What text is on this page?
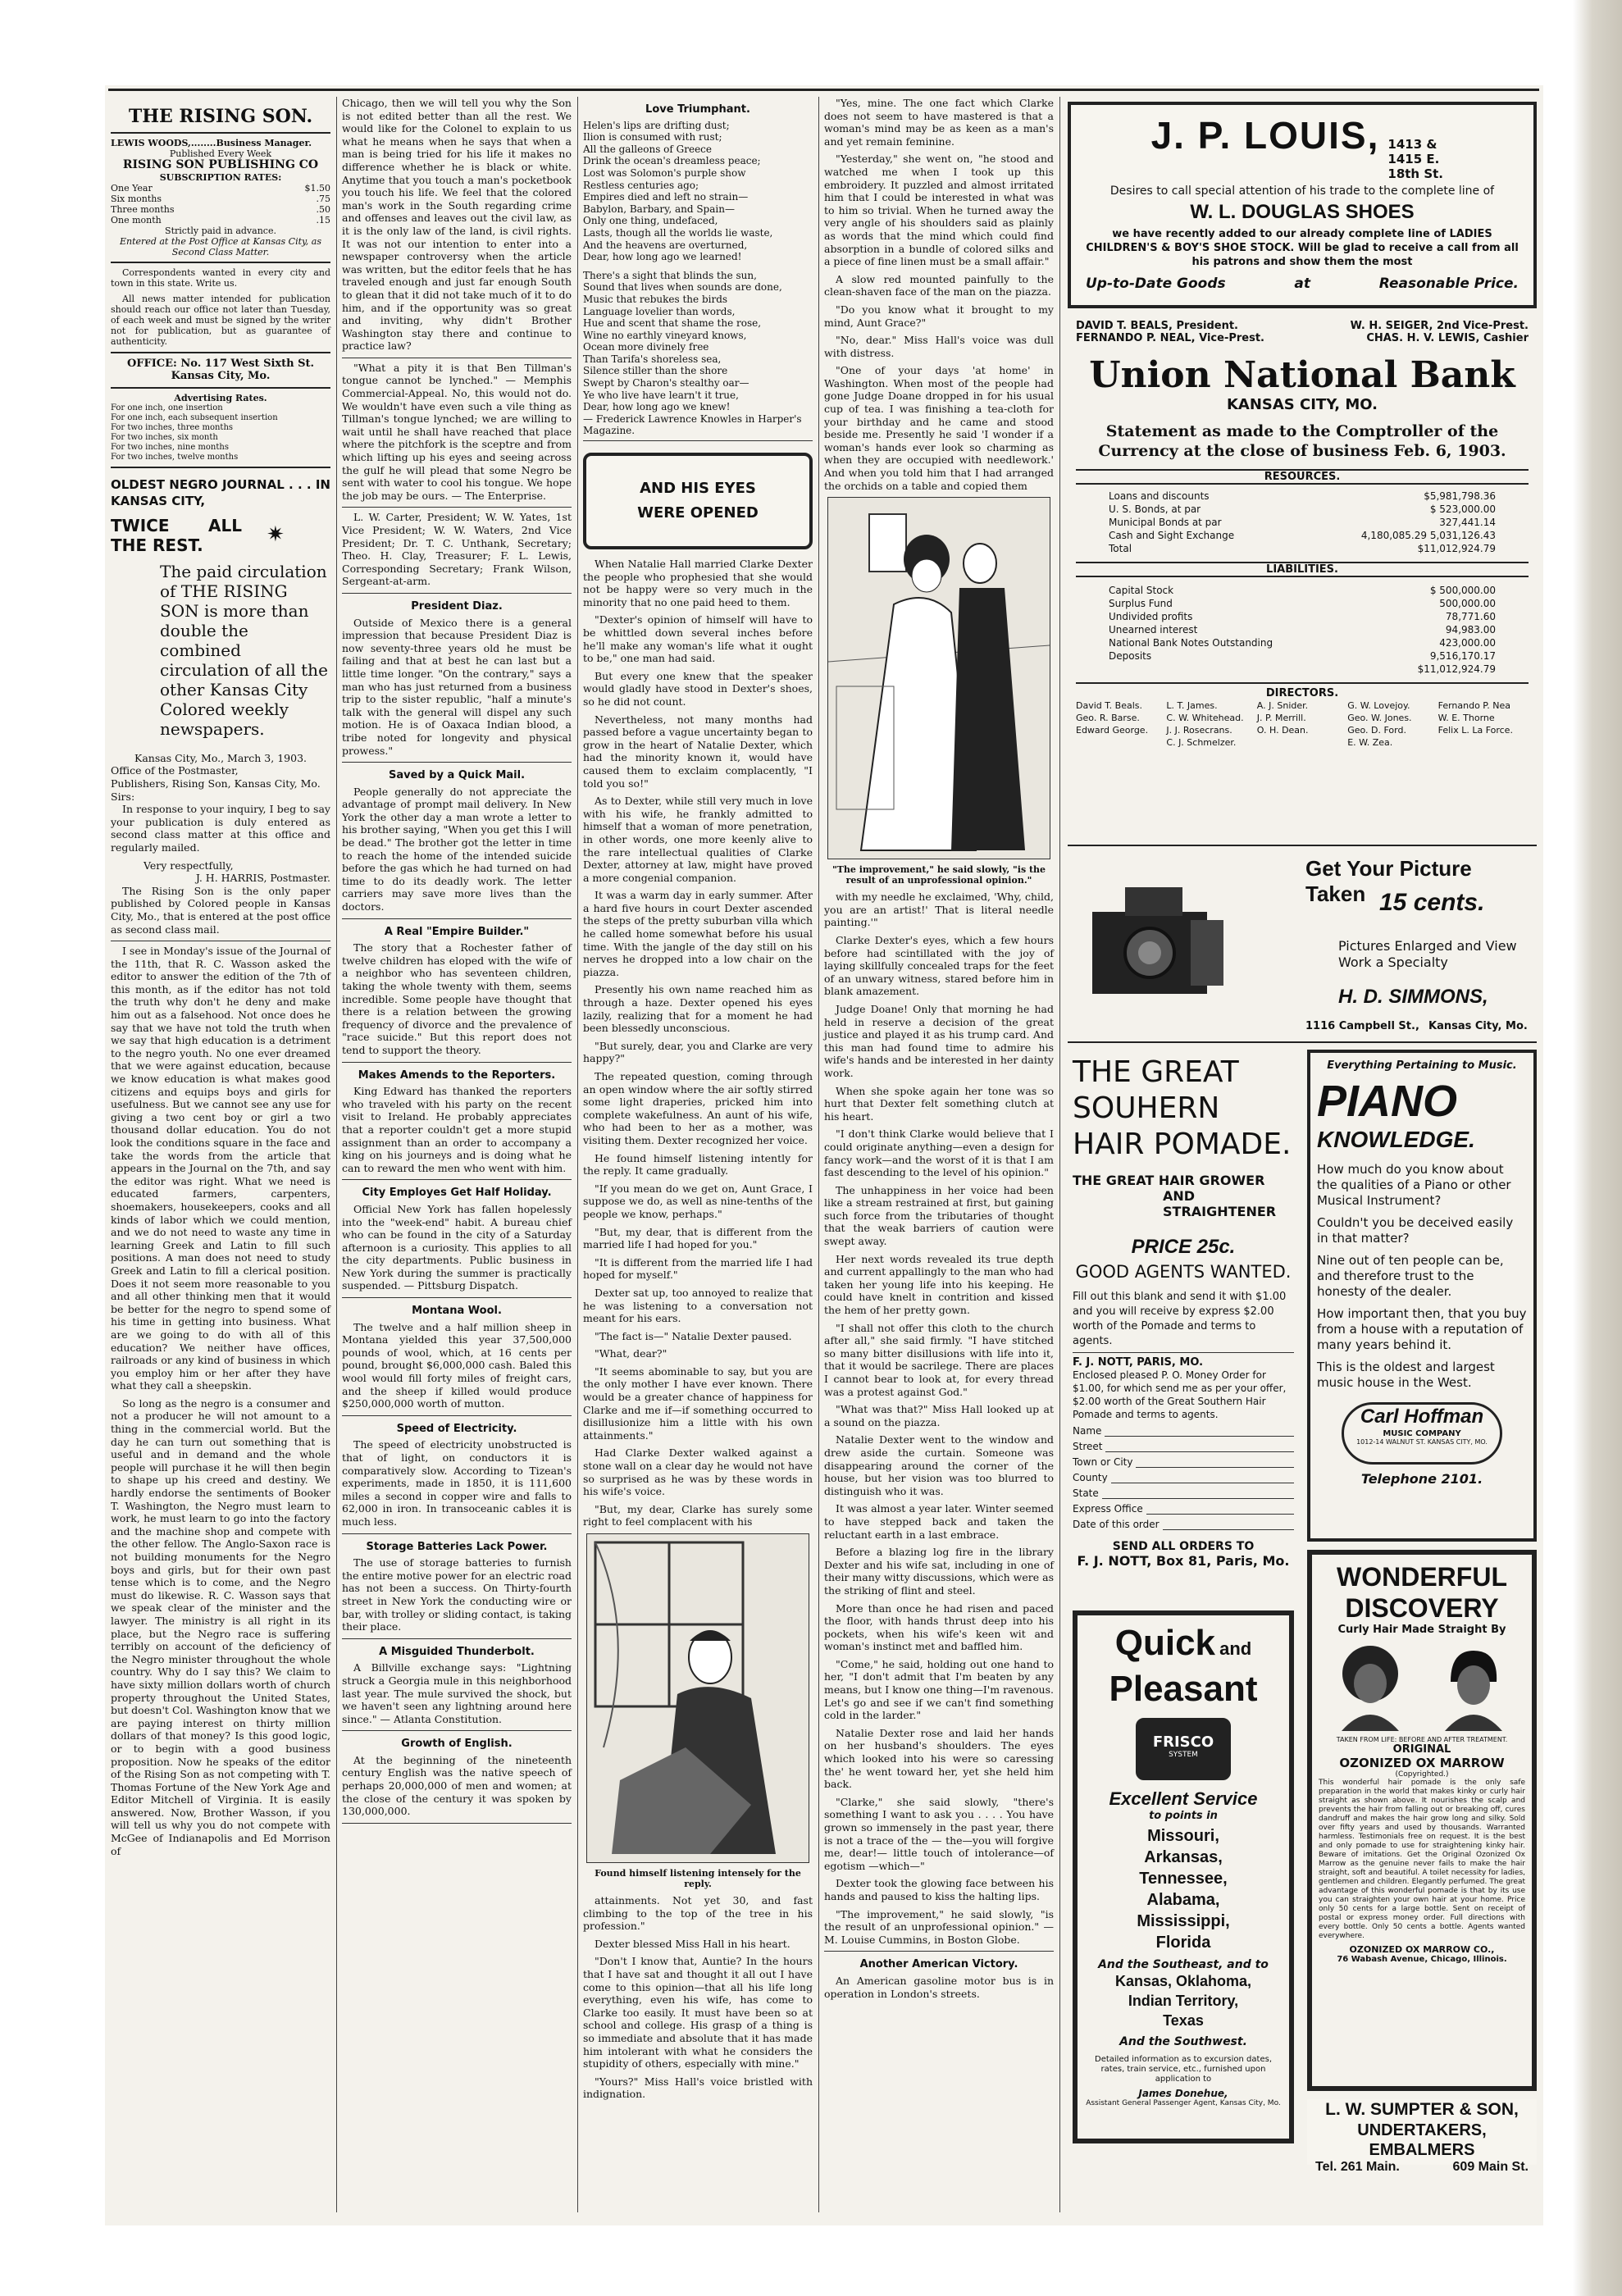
THE RISING SON.
LEWIS WOODS,........Business Manager.
Published Every Week
RISING SON PUBLISHING CO
SUBSCRIPTION RATES:
One Year	$1.50
Six months	.75
Three months	.50
One month	.15
Strictly paid in advance.
Entered at the Post Office at Kansas City, as Second Class Matter.

Correspondents wanted in every city and town in this state. Write us.

All news matter intended for publication should reach our office not later than Tuesday, of each week and must be signed by the writer not for publication, but as guarantee of authenticity.

OFFICE: No. 117 West Sixth St. Kansas City, Mo.
Advertising Rates.
For one inch, one insertion
For one inch, each subsequent insertion
For two inches, three months
For two inches, six month
For two inches, nine months
For two inches, twelve months
OLDEST NEGRO JOURNAL . . . IN KANSAS CITY,
TWICE ALL THE REST.	✷
The paid circulation of THE RISING SON is more than double the combined circulation of all the other Kansas City Colored weekly newspapers.
Kansas City, Mo., March 3, 1903.
Office of the Postmaster,
Publishers, Rising Son, Kansas City, Mo.
Sirs:

In response to your inquiry, I beg to say your publication is duly entered as second class matter at this office and regularly mailed.

Very respectfully,
J. H. HARRIS, Postmaster.

The Rising Son is the only paper published by Colored people in Kansas City, Mo., that is entered at the post office as second class mail.

I see in Monday's issue of the Journal of the 11th, that R. C. Wasson asked the editor to answer the edition of the 7th of this month, as if the editor has not told the truth why don't he deny and make him out as a falsehood. Not once does he say that we have not told the truth when we say that high education is a detriment to the negro youth. No one ever dreamed that we were against education, because we know education is what makes good citizens and equips boys and girls for usefulness. But we cannot see any use for giving a two cent boy or girl a two thousand dollar education. You do not look the conditions square in the face and take the words from the article that appears in the Journal on the 7th, and say the editor was right. What we need is educated farmers, carpenters, shoemakers, housekeepers, cooks and all kinds of labor which we could mention, and we do not need to waste any time in learning Greek and Latin to fill such positions. A man does not need to study Greek and Latin to fill a clerical position. Does it not seem more reasonable to you and all other thinking men that it would be better for the negro to spend some of his time in getting into business. What are we going to do with all of this education? We neither have offices, railroads or any kind of business in which you employ him or her after they have what they call a sheepskin.

So long as the negro is a consumer and not a producer he will not amount to a thing in the commercial world. But the day he can turn out something that is useful and in demand and the whole people will purchase it he will then begin to shape up his creed and destiny. We hardly endorse the sentiments of Booker T. Washington, the Negro must learn to work, he must learn to go into the factory and the machine shop and compete with the other fellow. The Anglo-Saxon race is not building monuments for the Negro boys and girls, but for their own past tense which is to come, and the Negro must do likewise. R. C. Wasson says that we speak clear of the minister and the lawyer. The ministry is all right in its place, but the Negro race is suffering terribly on account of the deficiency of the Negro minister throughout the whole country. Why do I say this? We claim to have sixty million dollars worth of church property throughout the United States, but doesn't Col. Washington know that we are paying interest on thirty million dollars of that money? Is this good logic, or to begin with a good business proposition. Now he speaks of the editor of the Rising Son as not competing with T. Thomas Fortune of the New York Age and Editor Mitchell of Virginia. It is easily answered. Now, Brother Wasson, if you will tell us why you do not compete with McGee of Indianapolis and Ed Morrison of

Chicago, then we will tell you why the Son is not edited better than all the rest. We would like for the Colonel to explain to us what he means when he says that when a man is being tried for his life it makes no difference whether he is black or white. Anytime that you touch a man's pocketbook you touch his life. We feel that the colored man's work in the South regarding crime and offenses and leaves out the civil law, as it is the only law of the land, is civil rights. It was not our intention to enter into a newspaper controversy when the article was written, but the editor feels that he has traveled enough and just far enough South to glean that it did not take much of it to do him, and if the opportunity was so great and inviting, why didn't Brother Washington stay there and continue to practice law?

"What a pity it is that Ben Tillman's tongue cannot be lynched." — Memphis Commercial-Appeal. No, this would not do. We wouldn't have even such a vile thing as Tillman's tongue lynched; we are willing to wait until he shall have reached that place where the pitchfork is the sceptre and from which lifting up his eyes and seeing across the gulf he will plead that some Negro be sent with water to cool his tongue. We hope the job may be ours. — The Enterprise.

L. W. Carter, President; W. W. Yates, 1st Vice President; W. W. Waters, 2nd Vice President; Dr. T. C. Unthank, Secretary; Theo. H. Clay, Treasurer; F. L. Lewis, Corresponding Secretary; Frank Wilson, Sergeant-at-arm.

President Diaz.

Outside of Mexico there is a general impression that because President Diaz is now seventy-three years old he must be failing and that at best he can last but a little time longer. "On the contrary," says a man who has just returned from a business trip to the sister republic, "half a minute's talk with the general will dispel any such motion. He is of Oaxaca Indian blood, a tribe noted for longevity and physical prowess."

Saved by a Quick Mail.

People generally do not appreciate the advantage of prompt mail delivery. In New York the other day a man wrote a letter to his brother saying, "When you get this I will be dead." The brother got the letter in time to reach the home of the intended suicide before the gas which he had turned on had time to do its deadly work. The letter carriers may save more lives than the doctors.

A Real "Empire Builder."

The story that a Rochester father of twelve children has eloped with the wife of a neighbor who has seventeen children, taking the whole twenty with them, seems incredible. Some people have thought that there is a relation between the growing frequency of divorce and the prevalence of "race suicide." But this report does not tend to support the theory.

Makes Amends to the Reporters.

King Edward has thanked the reporters who traveled with his party on the recent visit to Ireland. He probably appreciates that a reporter couldn't get a more stupid assignment than an order to accompany a king on his journeys and is doing what he can to reward the men who went with him.

City Employes Get Half Holiday.

Official New York has fallen hopelessly into the "week-end" habit. A bureau chief who can be found in the city of a Saturday afternoon is a curiosity. This applies to all the city departments. Public business in New York during the summer is practically suspended. — Pittsburg Dispatch.

Montana Wool.

The twelve and a half million sheep in Montana yielded this year 37,500,000 pounds of wool, which, at 16 cents per pound, brought $6,000,000 cash. Baled this wool would fill forty miles of freight cars, and the sheep if killed would produce $250,000,000 worth of mutton.

Speed of Electricity.

The speed of electricity unobstructed is that of light, on conductors it is comparatively slow. According to Tizean's experiments, made in 1850, it is 111,600 miles a second in copper wire and falls to 62,000 in iron. In transoceanic cables it is much less.

Storage Batteries Lack Power.

The use of storage batteries to furnish the entire motive power for an electric road has not been a success. On Thirty-fourth street in New York the conducting wire or bar, with trolley or sliding contact, is taking their place.

A Misguided Thunderbolt.

A Billville exchange says: "Lightning struck a Georgia mule in this neighborhood last year. The mule survived the shock, but we haven't seen any lightning around here since." — Atlanta Constitution.

Growth of English.

At the beginning of the nineteenth century English was the native speech of perhaps 20,000,000 of men and women; at the close of the century it was spoken by 130,000,000.

Love Triumphant.
Helen's lips are drifting dust;
Ilion is consumed with rust;
All the galleons of Greece
Drink the ocean's dreamless peace;
Lost was Solomon's purple show
Restless centuries ago;
Empires died and left no strain—
Babylon, Barbary, and Spain—
Only one thing, undefaced,
Lasts, though all the worlds lie waste,
And the heavens are overturned,
Dear, how long ago we learned!
There's a sight that blinds the sun,
Sound that lives when sounds are done,
Music that rebukes the birds
Language lovelier than words,
Hue and scent that shame the rose,
Wine no earthly vineyard knows,
Ocean more divinely free
Than Tarifa's shoreless sea,
Silence stiller than the shore
Swept by Charon's stealthy oar—
Ye who live have learn't it true,
Dear, how long ago we knew!
— Frederick Lawrence Knowles in Harper's Magazine.
AND HIS EYES WERE OPENED

When Natalie Hall married Clarke Dexter the people who prophesied that she would not be happy were so very much in the minority that no one paid heed to them.

"Dexter's opinion of himself will have to be whittled down several inches before he'll make any woman's life what it ought to be," one man had said.

But every one knew that the speaker would gladly have stood in Dexter's shoes, so he did not count.

Nevertheless, not many months had passed before a vague uncertainty began to grow in the heart of Natalie Dexter, which had the minority known it, would have caused them to exclaim complacently, "I told you so!"

As to Dexter, while still very much in love with his wife, he frankly admitted to himself that a woman of more penetration, in other words, one more keenly alive to the rare intellectual qualities of Clarke Dexter, attorney at law, might have proved a more congenial companion.

It was a warm day in early summer. After a hard five hours in court Dexter ascended the steps of the pretty suburban villa which he called home somewhat before his usual time. With the jangle of the day still on his nerves he dropped into a low chair on the piazza.

Presently his own name reached him as through a haze. Dexter opened his eyes lazily, realizing that for a moment he had been blessedly unconscious.

"But surely, dear, you and Clarke are very happy?"

The repeated question, coming through an open window where the air softly stirred some light draperies, pricked him into complete wakefulness. An aunt of his wife, who had been to her as a mother, was visiting them. Dexter recognized her voice.

He found himself listening intently for the reply. It came gradually.

"If you mean do we get on, Aunt Grace, I suppose we do, as well as nine-tenths of the people we know, perhaps."

"But, my dear, that is different from the married life I had hoped for you."

"It is different from the married life I had hoped for myself."

Dexter sat up, too annoyed to realize that he was listening to a conversation not meant for his ears.

"The fact is—" Natalie Dexter paused.

"What, dear?"

"It seems abominable to say, but you are the only mother I have ever known. There would be a greater chance of happiness for Clarke and me if—if something occurred to disillusionize him a little with his own attainments."

Had Clarke Dexter walked against a stone wall on a clear day he would not have so surprised as he was by these words in his wife's voice.

"But, my dear, Clarke has surely some right to feel complacent with his

Found himself listening intensely for the reply.

attainments. Not yet 30, and fast climbing to the top of the tree in his profession."

Dexter blessed Miss Hall in his heart.

"Don't I know that, Auntie? In the hours that I have sat and thought it all out I have come to this opinion—that all his life long everything, even his wife, has come to Clarke too easily. It must have been so at school and college. His grasp of a thing is so immediate and absolute that it has made him intolerant with what he considers the stupidity of others, especially with mine."

"Yours?" Miss Hall's voice bristled with indignation.

"Yes, mine. The one fact which Clarke does not seem to have mastered is that a woman's mind may be as keen as a man's and yet remain feminine.

"Yesterday," she went on, "he stood and watched me when I took up this embroidery. It puzzled and almost irritated him that I could be interested in what was to him so trivial. When he turned away the very angle of his shoulders said as plainly as words that the mind which could find absorption in a bundle of colored silks and a piece of fine linen must be a small affair."

A slow red mounted painfully to the clean-shaven face of the man on the piazza.

"Do you know what it brought to my mind, Aunt Grace?"

"No, dear." Miss Hall's voice was dull with distress.

"One of your days 'at home' in Washington. When most of the people had gone Judge Doane dropped in for his usual cup of tea. I was finishing a tea-cloth for your birthday and he came and stood beside me. Presently he said 'I wonder if a woman's hands ever look so charming as when they are occupied with needlework.' And when you told him that I had arranged the orchids on a table and copied them

"The improvement," he said slowly, "is the result of an unprofessional opinion."

with my needle he exclaimed, 'Why, child, you are an artist!' That is literal needle painting.'"

Clarke Dexter's eyes, which a few hours before had scintillated with the joy of laying skillfully concealed traps for the feet of an unwary witness, stared before him in blank amazement.

Judge Doane! Only that morning he had held in reserve a decision of the great justice and played it as his trump card. And this man had found time to admire his wife's hands and be interested in her dainty work.

When she spoke again her tone was so hurt that Dexter felt something clutch at his heart.

"I don't think Clarke would believe that I could originate anything—even a design for fancy work—and the worst of it is that I am fast descending to the level of his opinion."

The unhappiness in her voice had been like a stream restrained at first, but gaining such force from the tributaries of thought that the weak barriers of caution were swept away.

Her next words revealed its true depth and current appallingly to the man who had taken her young life into his keeping. He could have knelt in contrition and kissed the hem of her pretty gown.

"I shall not offer this cloth to the church after all," she said firmly. "I have stitched so many bitter disillusions with life into it, that it would be sacrilege. There are places I cannot bear to look at, for every thread was a protest against God."

"What was that?" Miss Hall looked up at a sound on the piazza.

Natalie Dexter went to the window and drew aside the curtain. Someone was disappearing around the corner of the house, but her vision was too blurred to distinguish who it was.

It was almost a year later. Winter seemed to have stepped back and taken the reluctant earth in a last embrace.

Before a blazing log fire in the library Dexter and his wife sat, including in one of their many witty discussions, which were as the striking of flint and steel.

More than once he had risen and paced the floor, with hands thrust deep into his pockets, when his wife's keen wit and woman's instinct met and baffled him.

"Come," he said, holding out one hand to her, "I don't admit that I'm beaten by any means, but I know one thing—I'm ravenous. Let's go and see if we can't find something cold in the larder."

Natalie Dexter rose and laid her hands on her husband's shoulders. The eyes which looked into his were so caressing the' he went toward her, yet she held him back.

"Clarke," she said slowly, "there's something I want to ask you . . . . You have grown so immensely in the past year, there is not a trace of the — the—you will forgive me, dear!— little touch of intolerance—of egotism —which—"

Dexter took the glowing face between his hands and paused to kiss the halting lips.

"The improvement," he said slowly, "is the result of an unprofessional opinion." — M. Louise Cummins, in Boston Globe.

Another American Victory.

An American gasoline motor bus is in operation in London's streets.

J. P. LOUIS, 1413 & 1415 E. 18th St.
Desires to call special attention of his trade to the complete line of
W. L. DOUGLAS SHOES
we have recently added to our already complete line of LADIES CHILDREN'S & BOY'S SHOE STOCK. Will be glad to receive a call from all his patrons and show them the most
Up-to-Date Goods	at	Reasonable Price.
DAVID T. BEALS, President.	W. H. SEIGER, 2nd Vice-Prest.
FERNANDO P. NEAL, Vice-Prest.	CHAS. H. V. LEWIS, Cashier
Union National Bank
KANSAS CITY, MO.
Statement as made to the Comptroller of the Currency at the close of business Feb. 6, 1903.
RESOURCES.
Loans and discounts	$5,981,798.36
U. S. Bonds, at par	$ 523,000.00
Municipal Bonds at par	327,441.14
Cash and Sight Exchange	4,180,085.29 5,031,126.43
Total	$11,012,924.79
LIABILITIES.
Capital Stock	$ 500,000.00
Surplus Fund	500,000.00
Undivided profits	78,771.60
Unearned interest	94,983.00
National Bank Notes Outstanding	423,000.00
Deposits	9,516,170.17
$11,012,924.79
DIRECTORS.
David T. Beals.	L. T. James.	A. J. Snider.	G. W. Lovejoy.	Fernando P. Nea
Geo. R. Barse.	C. W. Whitehead.	J. P. Merrill.	Geo. W. Jones.	W. E. Thorne
Edward George.	J. J. Rosecrans.	O. H. Dean.	Geo. D. Ford.	Felix L. La Force.
C. J. Schmelzer.	E. W. Zea.
Get Your Picture Taken 15 cents.
Pictures Enlarged and View Work a Specialty
H. D. SIMMONS,
1116 Campbell St., Kansas City, Mo.
THE GREAT
SOUHERN
HAIR POMADE.
THE GREAT HAIR GROWER
AND STRAIGHTENER
PRICE 25c.
GOOD AGENTS WANTED.
Fill out this blank and send it with $1.00 and you will receive by express $2.00 worth of the Pomade and terms to agents.
F. J. NOTT, PARIS, MO.
Enclosed pleased P. O. Money Order for $1.00, for which send me as per your offer, $2.00 worth of the Great Southern Hair Pomade and terms to agents.
Name
Street
Town or City
County
State
Express Office
Date of this order
SEND ALL ORDERS TO
F. J. NOTT, Box 81, Paris, Mo.
Everything Pertaining to Music.
PIANO
KNOWLEDGE.
How much do you know about the qualities of a Piano or other Musical Instrument?
Couldn't you be deceived easily in that matter?
Nine out of ten people can be, and therefore trust to the honesty of the dealer.
How important then, that you buy from a house with a reputation of many years behind it.
This is the oldest and largest music house in the West.
Carl Hoffman
MUSIC COMPANY
1012-14 WALNUT ST. KANSAS CITY, MO.
Telephone 2101.
Quick and
Pleasant
FRISCO
SYSTEM
Excellent Service
to points in
Missouri,
Arkansas,
Tennessee,
Alabama,
Mississippi,
Florida
And the Southeast, and to
Kansas, Oklahoma,
Indian Territory,
Texas
And the Southwest.
Detailed information as to excursion dates, rates, train service, etc., furnished upon application to
James Donehue,
Assistant General Passenger Agent, Kansas City, Mo.
WONDERFUL
DISCOVERY
Curly Hair Made Straight By
TAKEN FROM LIFE: BEFORE AND AFTER TREATMENT.
ORIGINAL
OZONIZED OX MARROW
(Copyrighted.)
This wonderful hair pomade is the only safe preparation in the world that makes kinky or curly hair straight as shown above. It nourishes the scalp and prevents the hair from falling out or breaking off, cures dandruff and makes the hair grow long and silky. Sold over fifty years and used by thousands. Warranted harmless. Testimonials free on request. It is the best and only pomade to use for straightening kinky hair. Beware of imitations. Get the Original Ozonized Ox Marrow as the genuine never fails to make the hair straight, soft and beautiful. A toilet necessity for ladies, gentlemen and children. Elegantly perfumed. The great advantage of this wonderful pomade is that by its use you can straighten your own hair at your home. Price only 50 cents for a large bottle. Sent on receipt of postal or express money order. Full directions with every bottle. Only 50 cents a bottle. Agents wanted everywhere.
OZONIZED OX MARROW CO.,
76 Wabash Avenue, Chicago, Illinois.
L. W. SUMPTER & SON,
UNDERTAKERS, EMBALMERS
Tel. 261 Main.	609 Main St.
